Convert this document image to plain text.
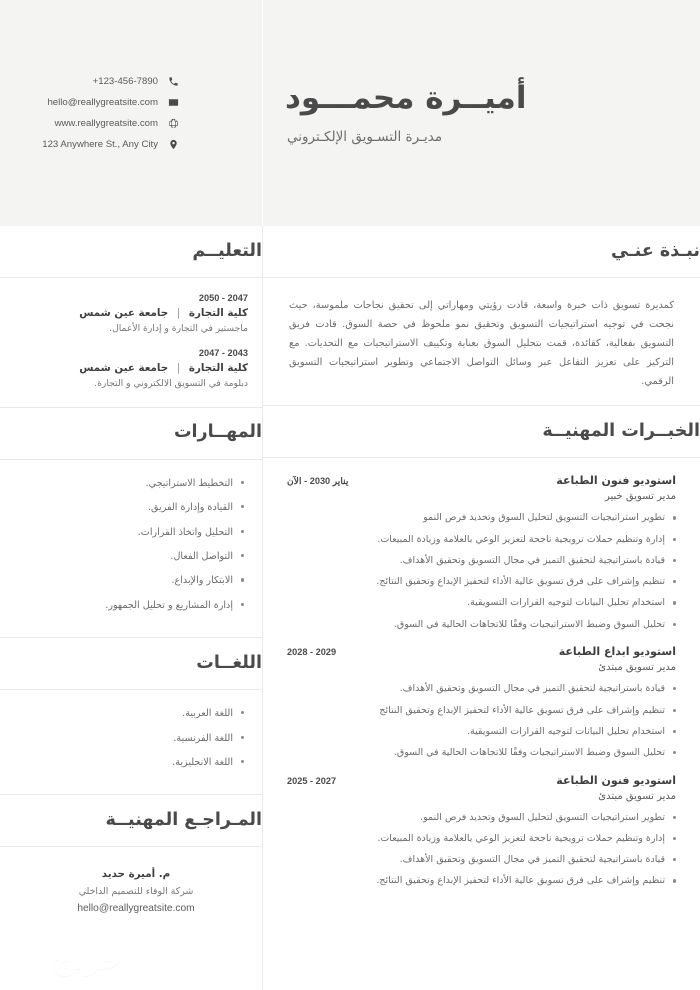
أميــرة محمـــود
مديـرة التسـويق الإلكـتروني
+123-456-7890
hello@reallygreatsite.com
www.reallygreatsite.com
123 Anywhere St., Any City
نبـذة عنـي

كمديرة تسويق ذات خبرة واسعة، قادت رؤيتي ومهاراتي إلى تحقيق نجاحات ملموسة، حيث نجحت في توجيه استراتيجيات التسويق وتحقيق نمو ملحوظ في حصة السوق. قادت فريق التسويق بفعالية، كقائدة، قمت بتحليل السوق بعناية وتكييف الاستراتيجيات مع التحديات. مع التركيز على تعزيز التفاعل عبر وسائل التواصل الاجتماعي وتطوير استراتيجيات التسويق الرقمي.

الخبــرات المهنيــة
استوديو فنون الطباعة
يناير 2030 - الآن
مدير تسويق خبير
تطوير استراتيجيات التسويق لتحليل السوق وتحديد فرص النمو
إدارة وتنظيم حملات ترويجية ناجحة لتعزيز الوعي بالعلامة وزيادة المبيعات.
قيادة باستراتيجية لتحقيق التميز في مجال التسويق وتحقيق الأهداف.
تنظيم وإشراف على فرق تسويق عالية الأداء لتحفيز الإبداع وتحقيق النتائج.
استخدام تحليل البيانات لتوجيه القرارات التسويقية.
تحليل السوق وضبط الاستراتيجيات وفقًا للاتجاهات الحالية في السوق.
استوديو ابداع الطباعة
2029 - 2028
مدير تسويق مبتدئ
قيادة باستراتيجية لتحقيق التميز في مجال التسويق وتحقيق الأهداف.
تنظيم وإشراف على فرق تسويق عالية الأداء لتحفيز الإبداع وتحقيق النتائج
استخدام تحليل البيانات لتوجيه القرارات التسويقية.
تحليل السوق وضبط الاستراتيجيات وفقًا للاتجاهات الحالية في السوق.
استوديو فنون الطباعة
2027 - 2025
مدير تسويق مبتدئ
تطوير استراتيجيات التسويق لتحليل السوق وتحديد فرص النمو.
إدارة وتنظيم حملات ترويجية ناجحة لتعزيز الوعي بالعلامة وزيادة المبيعات.
قيادة باستراتيجية لتحقيق التميز في مجال التسويق وتحقيق الأهداف.
تنظيم وإشراف على فرق تسويق عالية الأداء لتحفيز الإبداع وتحقيق النتائج.
التعليــم
2047 - 2050
كلية التجارة | جامعة عين شمس
ماجستير في التجارة و إدارة الأعمال.
2043 - 2047
كلية التجارة | جامعة عين شمس
دبلومة في التسويق الالكتروني و التجارة.
المهــارات
التخطيط الاستراتيجي.
القيادة وإدارة الفريق.
التحليل واتخاذ القرارات.
التواصل الفعال.
الابتكار والإبداع.
إدارة المشاريع و تحليل الجمهور.
اللغــات
اللغة العربية.
اللغة الفرنسية.
اللغة الانجليزية.
المـراجـع المهنيــة
م. أميرة حديد
شركة الوفاء للتصميم الداخلي
hello@reallygreatsite.com
حراج
